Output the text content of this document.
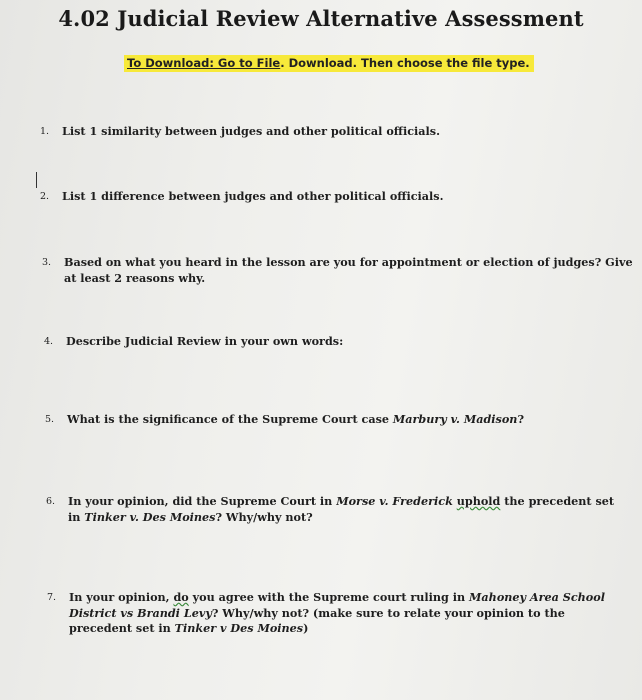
4.02 Judicial Review Alternative Assessment
To Download: Go to File. Download. Then choose the file type.
1. List 1 similarity between judges and other political officials.
2. List 1 difference between judges and other political officials.
3. Based on what you heard in the lesson are you for appointment or election of judges? Give at least 2 reasons why.
4. Describe Judicial Review in your own words:
5. What is the significance of the Supreme Court case Marbury v. Madison?
6. In your opinion, did the Supreme Court in Morse v. Frederick uphold the precedent set in Tinker v. Des Moines? Why/why not?
7. In your opinion, do you agree with the Supreme court ruling in Mahoney Area School District vs Brandi Levy? Why/why not? (make sure to relate your opinion to the precedent set in Tinker v Des Moines)
